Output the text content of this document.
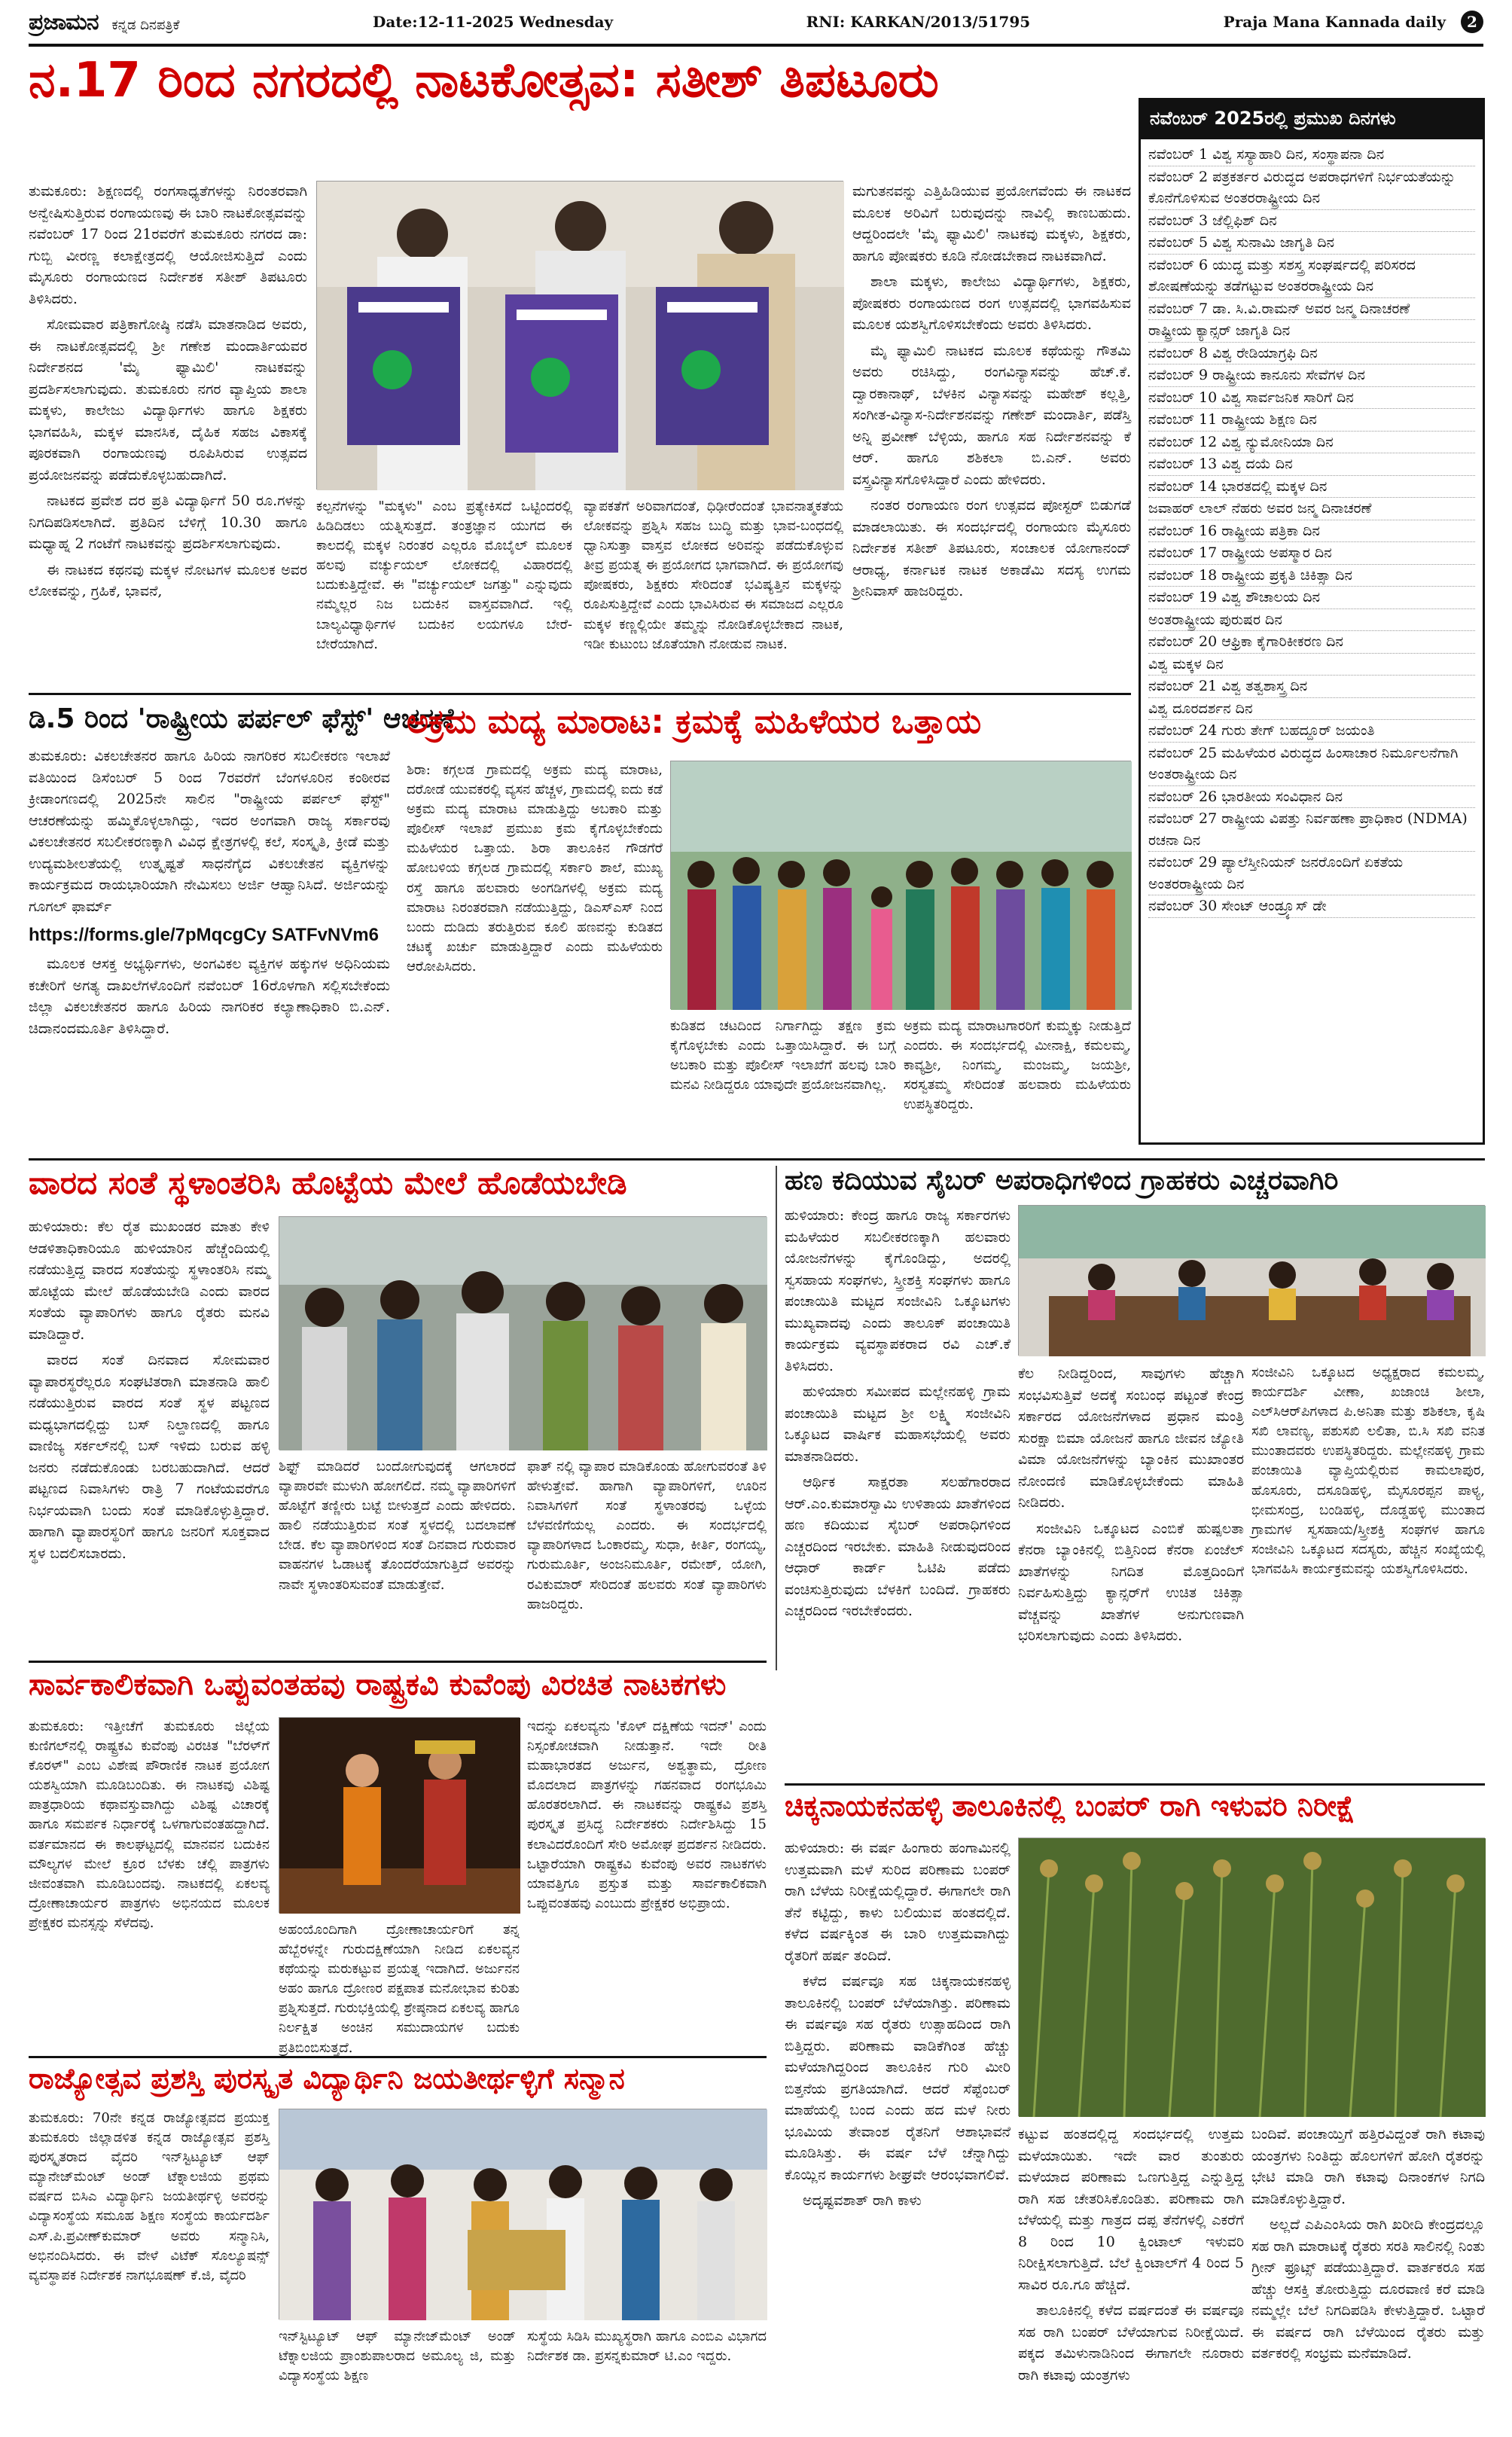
ಪ್ರಜಾಮನ ಕನ್ನಡ ದಿನಪತ್ರಿಕೆ	Date:12-11-2025 Wednesday	RNI: KARKAN/2013/51795	Praja Mana Kannada daily	2
ನ.17 ರಿಂದ ನಗರದಲ್ಲಿ ನಾಟಕೋತ್ಸವ: ಸತೀಶ್ ತಿಪಟೂರು

ತುಮಕೂರು: ಶಿಕ್ಷಣದಲ್ಲಿ ರಂಗಸಾಧ್ಯತೆಗಳನ್ನು ನಿರಂತರವಾಗಿ ಅನ್ವೇಷಿಸುತ್ತಿರುವ ರಂಗಾಯಣವು ಈ ಬಾರಿ ನಾಟಕೋತ್ಸವವನ್ನು ನವೆಂಬರ್ 17 ರಿಂದ 21ರವರೆಗೆ ತುಮಕೂರು ನಗರದ ಡಾ: ಗುಬ್ಬಿ ವೀರಣ್ಣ ಕಲಾಕ್ಷೇತ್ರದಲ್ಲಿ ಆಯೋಜಿಸುತ್ತಿದೆ ಎಂದು ಮೈಸೂರು ರಂಗಾಯಣದ ನಿರ್ದೇಶಕ ಸತೀಶ್ ತಿಪಟೂರು ತಿಳಿಸಿದರು.

ಸೋಮವಾರ ಪತ್ರಿಕಾಗೋಷ್ಠಿ ನಡೆಸಿ ಮಾತನಾಡಿದ ಅವರು, ಈ ನಾಟಕೋತ್ಸವದಲ್ಲಿ ಶ್ರೀ ಗಣೇಶ ಮಂದಾರ್ತಿಯವರ ನಿರ್ದೇಶನದ 'ಮೈ ಫ್ಯಾಮಿಲಿ' ನಾಟಕವನ್ನು ಪ್ರದರ್ಶಿಸಲಾಗುವುದು. ತುಮಕೂರು ನಗರ ವ್ಯಾಪ್ತಿಯ ಶಾಲಾ ಮಕ್ಕಳು, ಕಾಲೇಜು ವಿದ್ಯಾರ್ಥಿಗಳು ಹಾಗೂ ಶಿಕ್ಷಕರು ಭಾಗವಹಿಸಿ, ಮಕ್ಕಳ ಮಾನಸಿಕ, ದೈಹಿಕ ಸಹಜ ವಿಕಾಸಕ್ಕೆ ಪೂರಕವಾಗಿ ರಂಗಾಯಣವು ರೂಪಿಸಿರುವ ಉತ್ಸವದ ಪ್ರಯೋಜನವನ್ನು ಪಡೆದುಕೊಳ್ಳಬಹುದಾಗಿದೆ.

ನಾಟಕದ ಪ್ರವೇಶ ದರ ಪ್ರತಿ ವಿದ್ಯಾರ್ಥಿಗೆ 50 ರೂ.ಗಳನ್ನು ನಿಗದಿಪಡಿಸಲಾಗಿದೆ. ಪ್ರತಿದಿನ ಬೆಳಿಗ್ಗೆ 10.30 ಹಾಗೂ ಮಧ್ಯಾಹ್ನ 2 ಗಂಟೆಗೆ ನಾಟಕವನ್ನು ಪ್ರದರ್ಶಿಸಲಾಗುವುದು.

ಈ ನಾಟಕದ ಕಥನವು ಮಕ್ಕಳ ನೋಟಗಳ ಮೂಲಕ ಅವರ ಲೋಕವನ್ನು, ಗ್ರಹಿಕೆ, ಭಾವನೆ,

ಕಲ್ಪನೆಗಳನ್ನು "ಮಕ್ಕಳು" ಎಂಬ ಪ್ರತ್ಯೇಕಿಸದೆ ಒಟ್ಟಿಂದರಲ್ಲಿ ಹಿಡಿದಿಡಲು ಯತ್ನಿಸುತ್ತದೆ. ತಂತ್ರಜ್ಞಾನ ಯುಗದ ಈ ಕಾಲದಲ್ಲಿ ಮಕ್ಕಳ ನಿರಂತರ ಎಲ್ಲರೂ ಮೊಬೈಲ್ ಮೂಲಕ ಹಲವು ವರ್ಚ್ಯುಯಲ್ ಲೋಕದಲ್ಲಿ ವಿಹಾರದಲ್ಲಿ ಬದುಕುತ್ತಿದ್ದೇವೆ. ಈ "ವರ್ಚ್ಯುಯಲ್ ಜಗತ್ತು" ಎನ್ನುವುದು ನಮ್ಮೆಲ್ಲರ ನಿಜ ಬದುಕಿನ ವಾಸ್ತವವಾಗಿದೆ. ಇಲ್ಲಿ ಬಾಲ್ಯವಿಧ್ಯಾರ್ಥಿಗಳ ಬದುಕಿನ ಲಯಗಳೂ ಬೇರೆ-ಬೇರೆಯಾಗಿದೆ.
ವ್ಯಾಪಕತೆಗೆ ಅರಿವಾಗದಂತೆ, ಧಿಢೀರೆಂದಂತೆ ಭಾವನಾತ್ಮಕತೆಯ ಲೋಕವನ್ನು ಪ್ರಶ್ನಿಸಿ ಸಹಜ ಬುದ್ಧಿ ಮತ್ತು ಭಾವ-ಬಂಧದಲ್ಲಿ ಧ್ವಾನಿಸುತ್ತಾ ವಾಸ್ತವ ಲೋಕದ ಅರಿವನ್ನು ಪಡೆದುಕೊಳ್ಳುವ ತೀವ್ರ ಪ್ರಯತ್ನ ಈ ಪ್ರಯೋಗದ ಭಾಗವಾಗಿದೆ. ಈ ಪ್ರಯೋಗವು ಪೋಷಕರು, ಶಿಕ್ಷಕರು ಸೇರಿದಂತೆ ಭವಿಷ್ಯತ್ತಿನ ಮಕ್ಕಳನ್ನು ರೂಪಿಸುತ್ತಿದ್ದೇವೆ ಎಂದು ಭಾವಿಸಿರುವ ಈ ಸಮಾಜದ ಎಲ್ಲರೂ ಮಕ್ಕಳ ಕಣ್ಣಲ್ಲಿಯೇ ತಮ್ಮನ್ನು ನೋಡಿಕೊಳ್ಳಬೇಕಾದ ನಾಟಕ, ಇಡೀ ಕುಟುಂಬ ಜೊತೆಯಾಗಿ ನೋಡುವ ನಾಟಕ.

ಮಗುತನವನ್ನು ಎತ್ತಿಹಿಡಿಯುವ ಪ್ರಯೋಗವೆಂದು ಈ ನಾಟಕದ ಮೂಲಕ ಅರಿವಿಗೆ ಬರುವುದನ್ನು ನಾವಿಲ್ಲಿ ಕಾಣಬಹುದು. ಆದ್ದರಿಂದಲೇ 'ಮೈ ಫ್ಯಾಮಿಲಿ' ನಾಟಕವು ಮಕ್ಕಳು, ಶಿಕ್ಷಕರು, ಹಾಗೂ ಪೋಷಕರು ಕೂಡಿ ನೋಡಬೇಕಾದ ನಾಟಕವಾಗಿದೆ.

ಶಾಲಾ ಮಕ್ಕಳು, ಕಾಲೇಜು ವಿದ್ಯಾರ್ಥಿಗಳು, ಶಿಕ್ಷಕರು, ಪೋಷಕರು ರಂಗಾಯಣದ ರಂಗ ಉತ್ಸವದಲ್ಲಿ ಭಾಗವಹಿಸುವ ಮೂಲಕ ಯಶಸ್ವಿಗೊಳಿಸಬೇಕೆಂದು ಅವರು ತಿಳಿಸಿದರು.

ಮೈ ಫ್ಯಾಮಿಲಿ ನಾಟಕದ ಮೂಲಕ ಕಥೆಯನ್ನು ಗೌತಮಿ ಅವರು ರಚಿಸಿದ್ದು, ರಂಗವಿನ್ಯಾಸವನ್ನು ಹೆಚ್.ಕೆ. ದ್ವಾರಕಾನಾಥ್, ಬೆಳಕಿನ ವಿನ್ಯಾಸವನ್ನು ಮಹೇಶ್ ಕಲ್ಲತ್ತಿ, ಸಂಗೀತ-ವಿನ್ಯಾಸ-ನಿರ್ದೇಶನವನ್ನು ಗಣೇಶ್ ಮಂದಾರ್ತಿ, ಪಡೆಸ್ತಿ ಅನ್ನಿ ಪ್ರವೀಣ್ ಬೆಳ್ಳಿಯ, ಹಾಗೂ ಸಹ ನಿರ್ದೇಶನವನ್ನು ಕೆ ಆರ್. ಹಾಗೂ ಶಶಿಕಲಾ ಬಿ.ಎನ್. ಅವರು ವಸ್ತ್ರವಿನ್ಯಾಸಗೊಳಿಸಿದ್ದಾರೆ ಎಂದು ಹೇಳಿದರು.

ನಂತರ ರಂಗಾಯಣ ರಂಗ ಉತ್ಸವದ ಪೋಸ್ಟರ್ ಬಿಡುಗಡೆ ಮಾಡಲಾಯಿತು. ಈ ಸಂದರ್ಭದಲ್ಲಿ ರಂಗಾಯಣ ಮೈಸೂರು ನಿರ್ದೇಶಕ ಸತೀಶ್ ತಿಪಟೂರು, ಸಂಚಾಲಕ ಯೋಗಾನಂದ್ ಆರಾಧ್ಯ, ಕರ್ನಾಟಕ ನಾಟಕ ಅಕಾಡೆಮಿ ಸದಸ್ಯ ಉಗಮ ಶ್ರೀನಿವಾಸ್ ಹಾಜರಿದ್ದರು.

ನವೆಂಬರ್ 2025ರಲ್ಲಿ ಪ್ರಮುಖ ದಿನಗಳು
ನವೆಂಬರ್ 1 ವಿಶ್ವ ಸಸ್ಯಾಹಾರಿ ದಿನ, ಸಂಸ್ಥಾಪನಾ ದಿನ
ನವೆಂಬರ್ 2 ಪತ್ರಕರ್ತರ ವಿರುದ್ಧದ ಅಪರಾಧಗಳಿಗೆ ನಿರ್ಭಯತೆಯನ್ನು ಕೊನೆಗೊಳಿಸುವ ಅಂತರರಾಷ್ಟ್ರೀಯ ದಿನ
ನವೆಂಬರ್ 3 ಜೆಲ್ಲಿಫಿಶ್ ದಿನ
ನವೆಂಬರ್ 5 ವಿಶ್ವ ಸುನಾಮಿ ಜಾಗೃತಿ ದಿನ
ನವೆಂಬರ್ 6 ಯುದ್ಧ ಮತ್ತು ಸಶಸ್ತ್ರ ಸಂಘರ್ಷದಲ್ಲಿ ಪರಿಸರದ ಶೋಷಣೆಯನ್ನು ತಡೆಗಟ್ಟುವ ಅಂತರರಾಷ್ಟ್ರೀಯ ದಿನ
ನವೆಂಬರ್ 7 ಡಾ. ಸಿ.ವಿ.ರಾಮನ್ ಅವರ ಜನ್ಮ ದಿನಾಚರಣೆ
ರಾಷ್ಟ್ರೀಯ ಕ್ಯಾನ್ಸರ್ ಜಾಗೃತಿ ದಿನ
ನವೆಂಬರ್ 8 ವಿಶ್ವ ರೇಡಿಯಾಗ್ರಫಿ ದಿನ
ನವೆಂಬರ್ 9 ರಾಷ್ಟ್ರೀಯ ಕಾನೂನು ಸೇವೆಗಳ ದಿನ
ನವೆಂಬರ್ 10 ವಿಶ್ವ ಸಾರ್ವಜನಿಕ ಸಾರಿಗೆ ದಿನ
ನವೆಂಬರ್ 11 ರಾಷ್ಟ್ರೀಯ ಶಿಕ್ಷಣ ದಿನ
ನವೆಂಬರ್ 12 ವಿಶ್ವ ನ್ಯುಮೋನಿಯಾ ದಿನ
ನವೆಂಬರ್ 13 ವಿಶ್ವ ದಯೆ ದಿನ
ನವೆಂಬರ್ 14 ಭಾರತದಲ್ಲಿ ಮಕ್ಕಳ ದಿನ
ಜವಾಹರ್ ಲಾಲ್ ನೆಹರು ಅವರ ಜನ್ಮ ದಿನಾಚರಣೆ
ನವೆಂಬರ್ 16 ರಾಷ್ಟ್ರೀಯ ಪತ್ರಿಕಾ ದಿನ
ನವೆಂಬರ್ 17 ರಾಷ್ಟ್ರೀಯ ಅಪಸ್ಮಾರ ದಿನ
ನವೆಂಬರ್ 18 ರಾಷ್ಟ್ರೀಯ ಪ್ರಕೃತಿ ಚಿಕಿತ್ಸಾ ದಿನ
ನವೆಂಬರ್ 19 ವಿಶ್ವ ಶೌಚಾಲಯ ದಿನ
ಅಂತರಾಷ್ಟ್ರೀಯ ಪುರುಷರ ದಿನ
ನವೆಂಬರ್ 20 ಆಫ್ರಿಕಾ ಕೈಗಾರಿಕೀಕರಣ ದಿನ
ವಿಶ್ವ ಮಕ್ಕಳ ದಿನ
ನವೆಂಬರ್ 21 ವಿಶ್ವ ತತ್ವಶಾಸ್ತ್ರ ದಿನ
ವಿಶ್ವ ದೂರದರ್ಶನ ದಿನ
ನವೆಂಬರ್ 24 ಗುರು ತೇಗ್ ಬಹದ್ದೂರ್ ಜಯಂತಿ
ನವೆಂಬರ್ 25 ಮಹಿಳೆಯರ ವಿರುದ್ಧದ ಹಿಂಸಾಚಾರ ನಿರ್ಮೂಲನೆಗಾಗಿ ಅಂತರಾಷ್ಟ್ರೀಯ ದಿನ
ನವೆಂಬರ್ 26 ಭಾರತೀಯ ಸಂವಿಧಾನ ದಿನ
ನವೆಂಬರ್ 27 ರಾಷ್ಟ್ರೀಯ ವಿಪತ್ತು ನಿರ್ವಹಣಾ ಪ್ರಾಧಿಕಾರ (NDMA) ರಚನಾ ದಿನ
ನವೆಂಬರ್ 29 ಪ್ಯಾಲೆಸ್ತೀನಿಯನ್ ಜನರೊಂದಿಗೆ ಏಕತೆಯ ಅಂತರರಾಷ್ಟ್ರೀಯ ದಿನ
ನವೆಂಬರ್ 30 ಸೇಂಟ್ ಆಂಡ್ರ್ಯೂಸ್ ಡೇ
ಡಿ.5 ರಿಂದ 'ರಾಷ್ಟ್ರೀಯ ಪರ್ಪಲ್ ಫೆಸ್ಟ್' ಆಚರಣೆ

ತುಮಕೂರು: ವಿಕಲಚೇತನರ ಹಾಗೂ ಹಿರಿಯ ನಾಗರಿಕರ ಸಬಲೀಕರಣ ಇಲಾಖೆ ವತಿಯಿಂದ ಡಿಸೆಂಬರ್ 5 ರಿಂದ 7ರವರೆಗೆ ಬೆಂಗಳೂರಿನ ಕಂಠೀರವ ಕ್ರೀಡಾಂಗಣದಲ್ಲಿ 2025ನೇ ಸಾಲಿನ "ರಾಷ್ಟ್ರೀಯ ಪರ್ಪಲ್ ಫೆಸ್ಟ್" ಆಚರಣೆಯನ್ನು ಹಮ್ಮಿಕೊಳ್ಳಲಾಗಿದ್ದು, ಇದರ ಅಂಗವಾಗಿ ರಾಜ್ಯ ಸರ್ಕಾರವು ವಿಕಲಚೇತನರ ಸಬಲೀಕರಣಕ್ಕಾಗಿ ವಿವಿಧ ಕ್ಷೇತ್ರಗಳಲ್ಲಿ ಕಲೆ, ಸಂಸ್ಕೃತಿ, ಕ್ರೀಡೆ ಮತ್ತು ಉದ್ಯಮಶೀಲತೆಯಲ್ಲಿ ಉತ್ಕೃಷ್ಟತೆ ಸಾಧನೆಗೈದ ವಿಕಲಚೇತನ ವ್ಯಕ್ತಿಗಳನ್ನು ಕಾರ್ಯಕ್ರಮದ ರಾಯಭಾರಿಯಾಗಿ ನೇಮಿಸಲು ಅರ್ಜಿ ಆಹ್ವಾನಿಸಿದೆ. ಅರ್ಜಿಯನ್ನು ಗೂಗಲ್ ಫಾರ್ಮ್

https://forms.gle/7pMqcgCy SATFvNVm6

ಮೂಲಕ ಆಸಕ್ತ ಅಭ್ಯರ್ಥಿಗಳು, ಅಂಗವಿಕಲ ವ್ಯಕ್ತಿಗಳ ಹಕ್ಕುಗಳ ಅಧಿನಿಯಮ ಕಚೇರಿಗೆ ಅಗತ್ಯ ದಾಖಲೆಗಳೊಂದಿಗೆ ನವೆಂಬರ್ 16ರೊಳಗಾಗಿ ಸಲ್ಲಿಸಬೇಕೆಂದು ಜಿಲ್ಲಾ ವಿಕಲಚೇತನರ ಹಾಗೂ ಹಿರಿಯ ನಾಗರಿಕರ ಕಲ್ಯಾಣಾಧಿಕಾರಿ ಬಿ.ಎನ್. ಚಿದಾನಂದಮೂರ್ತಿ ತಿಳಿಸಿದ್ದಾರೆ.

ಅಕ್ರಮ ಮದ್ಯ ಮಾರಾಟ: ಕ್ರಮಕ್ಕೆ ಮಹಿಳೆಯರ ಒತ್ತಾಯ
ಶಿರಾ: ಕಗ್ಗಲಡ ಗ್ರಾಮದಲ್ಲಿ ಅಕ್ರಮ ಮದ್ಯ ಮಾರಾಟ, ದರೋಡೆ ಯುವಕರಲ್ಲಿ ವ್ಯಸನ ಹೆಚ್ಚಳ, ಗ್ರಾಮದಲ್ಲಿ ಐದು ಕಡೆ ಅಕ್ರಮ ಮದ್ಯ ಮಾರಾಟ ಮಾಡುತ್ತಿದ್ದು ಅಬಕಾರಿ ಮತ್ತು ಪೊಲೀಸ್ ಇಲಾಖೆ ಪ್ರಮುಖ ಕ್ರಮ ಕೈಗೊಳ್ಳಬೇಕೆಂದು ಮಹಿಳೆಯರ ಒತ್ತಾಯ. ಶಿರಾ ತಾಲೂಕಿನ ಗೌಡಗೆರೆ ಹೋಬಳಿಯ ಕಗ್ಗಲಡ ಗ್ರಾಮದಲ್ಲಿ ಸರ್ಕಾರಿ ಶಾಲೆ, ಮುಖ್ಯ ರಸ್ತೆ ಹಾಗೂ ಹಲವಾರು ಅಂಗಡಿಗಳಲ್ಲಿ ಅಕ್ರಮ ಮದ್ಯ ಮಾರಾಟ ನಿರಂತರವಾಗಿ ನಡೆಯುತ್ತಿದ್ದು, ಡಿಎಸ್‌ಎಸ್ ನಿಂದ ಬಂದು ದುಡಿದು ತರುತ್ತಿರುವ ಕೂಲಿ ಹಣವನ್ನು ಕುಡಿತದ ಚಟಕ್ಕೆ ಖರ್ಚು ಮಾಡುತ್ತಿದ್ದಾರೆ ಎಂದು ಮಹಿಳೆಯರು ಆರೋಪಿಸಿದರು.
ಕುಡಿತದ ಚಟದಿಂದ ನಿರ್ಗಾಗಿದ್ದು ತಕ್ಷಣ ಕ್ರಮ ಕೈಗೊಳ್ಳಬೇಕು ಎಂದು ಒತ್ತಾಯಿಸಿದ್ದಾರೆ. ಈ ಬಗ್ಗೆ ಅಬಕಾರಿ ಮತ್ತು ಪೊಲೀಸ್ ಇಲಾಖೆಗೆ ಹಲವು ಬಾರಿ ಮನವಿ ನೀಡಿದ್ದರೂ ಯಾವುದೇ ಪ್ರಯೋಜನವಾಗಿಲ್ಲ.
ಅಕ್ರಮ ಮದ್ಯ ಮಾರಾಟಗಾರರಿಗೆ ಕುಮ್ಮಕ್ಕು ನೀಡುತ್ತಿದೆ ಎಂದರು. ಈ ಸಂದರ್ಭದಲ್ಲಿ ಮೀನಾಕ್ಷಿ, ಕಮಲಮ್ಮ, ಕಾವ್ಯಶ್ರೀ, ನಿಂಗಮ್ಮ, ಮಂಜಮ್ಮ, ಜಯಶ್ರೀ, ಸರಸ್ವತಮ್ಮ ಸೇರಿದಂತೆ ಹಲವಾರು ಮಹಿಳೆಯರು ಉಪಸ್ಥಿತರಿದ್ದರು.
ವಾರದ ಸಂತೆ ಸ್ಥಳಾಂತರಿಸಿ ಹೊಟ್ಟೆಯ ಮೇಲೆ ಹೊಡೆಯಬೇಡಿ

ಹುಳಿಯಾರು: ಕೆಲ ರೈತ ಮುಖಂಡರ ಮಾತು ಕೇಳಿ ಆಡಳಿತಾಧಿಕಾರಿಯೂ ಹುಳಿಯಾರಿನ ಹೆಚ್ಚೆಂದಿಯಲ್ಲಿ ನಡೆಯುತ್ತಿದ್ದ ವಾರದ ಸಂತೆಯನ್ನು ಸ್ಥಳಾಂತರಿಸಿ ನಮ್ಮ ಹೊಟ್ಟೆಯ ಮೇಲೆ ಹೊಡೆಯಬೇಡಿ ಎಂದು ವಾರದ ಸಂತೆಯ ವ್ಯಾಪಾರಿಗಳು ಹಾಗೂ ರೈತರು ಮನವಿ ಮಾಡಿದ್ದಾರೆ.

ವಾರದ ಸಂತೆ ದಿನವಾದ ಸೋಮವಾರ ವ್ಯಾಪಾರಸ್ಥರೆಲ್ಲರೂ ಸಂಘಟಿತರಾಗಿ ಮಾತನಾಡಿ ಹಾಲಿ ನಡೆಯುತ್ತಿರುವ ವಾರದ ಸಂತೆ ಸ್ಥಳ ಪಟ್ಟಣದ ಮಧ್ಯಭಾಗದಲ್ಲಿದ್ದು ಬಸ್ ನಿಲ್ದಾಣದಲ್ಲಿ ಹಾಗೂ ವಾಣಿಜ್ಯ ಸರ್ಕಲ್‌ನಲ್ಲಿ ಬಸ್ ಇಳಿದು ಬರುವ ಹಳ್ಳಿ ಜನರು ನಡೆದುಕೊಂಡು ಬರಬಹುದಾಗಿದೆ. ಆದರೆ ಪಟ್ಟಣದ ನಿವಾಸಿಗಳು ರಾತ್ರಿ 7 ಗಂಟೆಯವರೆಗೂ ನಿರ್ಭಯವಾಗಿ ಬಂದು ಸಂತೆ ಮಾಡಿಕೊಳ್ಳುತ್ತಿದ್ದಾರೆ. ಹಾಗಾಗಿ ವ್ಯಾಪಾರಸ್ಥರಿಗೆ ಹಾಗೂ ಜನರಿಗೆ ಸೂಕ್ತವಾದ ಸ್ಥಳ ಬದಲಿಸಬಾರದು.

ಶಿಫ್ಟ್ ಮಾಡಿದರೆ ಬಂದೋಗುವುದಕ್ಕೆ ಆಗಲಾರದೆ ವ್ಯಾಪಾರವೇ ಮುಳುಗಿ ಹೋಗಲಿದೆ. ನಮ್ಮ ವ್ಯಾಪಾರಿಗಳಿಗೆ ಹೊಟ್ಟೆಗೆ ತಣ್ಣೀರು ಬಟ್ಟೆ ಬೀಳುತ್ತದೆ ಎಂದು ಹೇಳಿದರು. ಹಾಲಿ ನಡೆಯುತ್ತಿರುವ ಸಂತೆ ಸ್ಥಳದಲ್ಲಿ ಬದಲಾವಣೆ ಬೇಡ. ಕೆಲ ವ್ಯಾಪಾರಿಗಳಿಂದ ಸಂತೆ ದಿನವಾದ ಗುರುವಾರ ವಾಹನಗಳ ಓಡಾಟಕ್ಕೆ ತೊಂದರೆಯಾಗುತ್ತಿದೆ ಅವರನ್ನು ನಾವೇ ಸ್ಥಳಾಂತರಿಸುವಂತೆ ಮಾಡುತ್ತೇವೆ.
ಫಾತ್ ನಲ್ಲಿ ವ್ಯಾಪಾರ ಮಾಡಿಕೊಂಡು ಹೋಗುವರಂತೆ ತಿಳಿ ಹೇಳುತ್ತೇವೆ. ಹಾಗಾಗಿ ವ್ಯಾಪಾರಿಗಳಿಗೆ, ಊರಿನ ನಿವಾಸಿಗಳಿಗೆ ಸಂತೆ ಸ್ಥಳಾಂತರವು ಒಳ್ಳೆಯ ಬೆಳವಣಿಗೆಯಲ್ಲ ಎಂದರು. ಈ ಸಂದರ್ಭದಲ್ಲಿ ವ್ಯಾಪಾರಿಗಳಾದ ಓಂಕಾರಮ್ಮ, ಸುಧಾ, ಕೀರ್ತಿ, ರಂಗಯ್ಯ, ಗುರುಮೂರ್ತಿ, ಅಂಜನಿಮೂರ್ತಿ, ರಮೇಶ್, ಯೋಗಿ, ರವಿಕುಮಾರ್ ಸೇರಿದಂತೆ ಹಲವರು ಸಂತೆ ವ್ಯಾಪಾರಿಗಳು ಹಾಜರಿದ್ದರು.
ಹಣ ಕದಿಯುವ ಸೈಬರ್ ಅಪರಾಧಿಗಳಿಂದ ಗ್ರಾಹಕರು ಎಚ್ಚರವಾಗಿರಿ

ಹುಳಿಯಾರು: ಕೇಂದ್ರ ಹಾಗೂ ರಾಜ್ಯ ಸರ್ಕಾರಗಳು ಮಹಿಳೆಯರ ಸಬಲೀಕರಣಕ್ಕಾಗಿ ಹಲವಾರು ಯೋಜನೆಗಳನ್ನು ಕೈಗೊಂಡಿದ್ದು, ಅದರಲ್ಲಿ ಸ್ವಸಹಾಯ ಸಂಘಗಳು, ಸ್ತ್ರೀಶಕ್ತಿ ಸಂಘಗಳು ಹಾಗೂ ಪಂಚಾಯಿತಿ ಮಟ್ಟದ ಸಂಜೀವಿನಿ ಒಕ್ಕೂಟಗಳು ಮುಖ್ಯವಾದವು ಎಂದು ತಾಲೂಕ್ ಪಂಚಾಯಿತಿ ಕಾರ್ಯಕ್ರಮ ವ್ಯವಸ್ಥಾಪಕರಾದ ರವಿ ಎಚ್.ಕೆ ತಿಳಿಸಿದರು.

ಹುಳಿಯಾರು ಸಮೀಪದ ಮಲ್ಲೇನಹಳ್ಳಿ ಗ್ರಾಮ ಪಂಚಾಯಿತಿ ಮಟ್ಟದ ಶ್ರೀ ಲಕ್ಷ್ಮಿ ಸಂಜೀವಿನಿ ಒಕ್ಕೂಟದ ವಾರ್ಷಿಕ ಮಹಾಸಭೆಯಲ್ಲಿ ಅವರು ಮಾತನಾಡಿದರು.

ಆರ್ಥಿಕ ಸಾಕ್ಷರತಾ ಸಲಹೆಗಾರರಾದ ಆರ್.ಎಂ.ಕುಮಾರಸ್ವಾಮಿ ಉಳಿತಾಯ ಖಾತೆಗಳಿಂದ ಹಣ ಕದಿಯುವ ಸೈಬರ್ ಅಪರಾಧಿಗಳಿಂದ ಎಚ್ಚರದಿಂದ ಇರಬೇಕು. ಮಾಹಿತಿ ನೀಡುವುದರಿಂದ ಆಧಾರ್ ಕಾರ್ಡ್ ಓಟಿಪಿ ಪಡೆದು ವಂಚಿಸುತ್ತಿರುವುದು ಬೆಳಕಿಗೆ ಬಂದಿದೆ. ಗ್ರಾಹಕರು ಎಚ್ಚರದಿಂದ ಇರಬೇಕೆಂದರು.

ಕೆಲ ನೀಡಿದ್ದರಿಂದ, ಸಾವುಗಳು ಹೆಚ್ಚಾಗಿ ಸಂಭವಿಸುತ್ತಿವೆ ಅದಕ್ಕೆ ಸಂಬಂಧ ಪಟ್ಟಂತೆ ಕೇಂದ್ರ ಸರ್ಕಾರದ ಯೋಜನೆಗಳಾದ ಪ್ರಧಾನ ಮಂತ್ರಿ ಸುರಕ್ಷಾ ಬಿಮಾ ಯೋಜನೆ ಹಾಗೂ ಜೀವನ ಜ್ಯೋತಿ ವಿಮಾ ಯೋಜನೆಗಳನ್ನು ಬ್ಯಾಂಕಿನ ಮುಖಾಂತರ ನೋಂದಣಿ ಮಾಡಿಕೊಳ್ಳಬೇಕೆಂದು ಮಾಹಿತಿ ನೀಡಿದರು.

ಸಂಜೀವಿನಿ ಒಕ್ಕೂಟದ ಎಂಬಿಕೆ ಹುಷ್ಪಲತಾ ಕೆನರಾ ಬ್ಯಾಂಕಿನಲ್ಲಿ ಬಿತ್ತಿನಿಂದ ಕೆನರಾ ಏಂಜೆಲ್ ಖಾತೆಗಳನ್ನು ನಿಗದಿತ ಮೊತ್ತದಿಂದಿಗೆ ನಿರ್ವಹಿಸುತ್ತಿದ್ದು ಕ್ಯಾನ್ಸರ್‌ಗೆ ಉಚಿತ ಚಿಕಿತ್ಸಾ ವೆಚ್ಚವನ್ನು ಖಾತೆಗಳ ಅನುಗುಣವಾಗಿ ಭರಿಸಲಾಗುವುದು ಎಂದು ತಿಳಿಸಿದರು.

ಸಂಜೀವಿನಿ ಒಕ್ಕೂಟದ ಅಧ್ಯಕ್ಷರಾದ ಕಮಲಮ್ಮ, ಕಾರ್ಯದರ್ಶಿ ವೀಣಾ, ಖಜಾಂಚಿ ಶೀಲಾ, ಎಲ್‌ಸಿಆರ್‌ಪಿಗಳಾದ ಪಿ.ಅನಿತಾ ಮತ್ತು ಶಶಿಕಲಾ, ಕೃಷಿ ಸಖಿ ಲಾವಣ್ಯ, ಪಶುಸಖಿ ಲಲಿತಾ, ಬಿ.ಸಿ ಸಖಿ ವನಿತ ಮುಂತಾದವರು ಉಪಸ್ಥಿತರಿದ್ದರು. ಮಲ್ಲೇನಹಳ್ಳಿ ಗ್ರಾಮ ಪಂಚಾಯಿತಿ ವ್ಯಾಪ್ತಿಯಲ್ಲಿರುವ ಕಾಮಲಾಪುರ, ಹೊಸೂರು, ದಸೂಡಿಹಳ್ಳಿ, ಮೈಸೂರಪ್ಪನ ಪಾಳ್ಯ, ಭೀಮಸಂದ್ರ, ಬಂಡಿಹಳ್ಳಿ, ದೊಡ್ಡಹಳ್ಳಿ ಮುಂತಾದ ಗ್ರಾಮಗಳ ಸ್ವಸಹಾಯ/ಸ್ತ್ರೀಶಕ್ತಿ ಸಂಘಗಳ ಹಾಗೂ ಸಂಜೀವಿನಿ ಒಕ್ಕೂಟದ ಸದಸ್ಯರು, ಹೆಚ್ಚಿನ ಸಂಖ್ಯೆಯಲ್ಲಿ ಭಾಗವಹಿಸಿ ಕಾರ್ಯಕ್ರಮವನ್ನು ಯಶಸ್ವಿಗೊಳಿಸಿದರು.
ಸಾರ್ವಕಾಲಿಕವಾಗಿ ಒಪ್ಪುವಂತಹವು ರಾಷ್ಟ್ರಕವಿ ಕುವೆಂಪು ವಿರಚಿತ ನಾಟಕಗಳು
ತುಮಕೂರು: ಇತ್ತೀಚೆಗೆ ತುಮಕೂರು ಜಿಲ್ಲೆಯ ಕುಣಿಗಲ್‌ನಲ್ಲಿ ರಾಷ್ಟ್ರಕವಿ ಕುವೆಂಪು ವಿರಚಿತ "ಬೆರಳ್‌ಗೆ ಕೊರಳ್" ಎಂಬ ವಿಶೇಷ ಪೌರಾಣಿಕ ನಾಟಕ ಪ್ರಯೋಗ ಯಶಸ್ವಿಯಾಗಿ ಮೂಡಿಬಂದಿತು. ಈ ನಾಟಕವು ವಿಶಿಷ್ಟ ಪಾತ್ರಧಾರಿಯ ಕಥಾವಸ್ತುವಾಗಿದ್ದು ವಿಶಿಷ್ಟ ವಿಚಾರಕ್ಕೆ ಹಾಗೂ ಸಮರ್ಪಕ ನಿರ್ಧಾರಕ್ಕೆ ಒಳಗಾಗುವಂತಹದ್ದಾಗಿದೆ. ವರ್ತಮಾನದ ಈ ಕಾಲಘಟ್ಟದಲ್ಲಿ ಮಾನವನ ಬದುಕಿನ ಮೌಲ್ಯಗಳ ಮೇಲೆ ಕ್ರೂರ ಬೆಳಕು ಚೆಲ್ಲಿ ಪಾತ್ರಗಳು ಜೀವಂತವಾಗಿ ಮೂಡಿಬಂದವು. ನಾಟಕದಲ್ಲಿ ಏಕಲವ್ಯ ದ್ರೋಣಾಚಾರ್ಯರ ಪಾತ್ರಗಳು ಅಭಿನಯದ ಮೂಲಕ ಪ್ರೇಕ್ಷಕರ ಮನಸ್ಸನ್ನು ಸೆಳೆದವು.	ಅಹಂಯೊಂದಿಗಾಗಿ ದ್ರೋಣಾಚಾರ್ಯರಿಗೆ ತನ್ನ ಹೆಬ್ಬೆರಳನ್ನೇ ಗುರುದಕ್ಷಿಣೆಯಾಗಿ ನೀಡಿದ ಏಕಲವ್ಯನ ಕಥೆಯನ್ನು ಮರುಕಟ್ಟುವ ಪ್ರಯತ್ನ ಇದಾಗಿದೆ. ಅರ್ಜುನನ ಅಹಂ ಹಾಗೂ ದ್ರೋಣರ ಪಕ್ಷಪಾತ ಮನೋಭಾವ ಕುರಿತು ಪ್ರಶ್ನಿಸುತ್ತದೆ. ಗುರುಭಕ್ತಿಯಲ್ಲಿ ಶ್ರೇಷ್ಠನಾದ ಏಕಲವ್ಯ ಹಾಗೂ ನಿರ್ಲಕ್ಷಿತ ಅಂಚಿನ ಸಮುದಾಯಗಳ ಬದುಕು ಪ್ರತಿಬಿಂಬಿಸುತ್ತದೆ.
ಇದನ್ನು ಏಕಲವ್ಯನು 'ಕೊಳ್ ದಕ್ಷಿಣೆಯ ಇದನ್' ಎಂದು ನಿಸ್ಸಂಕೋಚವಾಗಿ ನೀಡುತ್ತಾನೆ. ಇದೇ ರೀತಿ ಮಹಾಭಾರತದ ಅರ್ಜುನ, ಅಶ್ವತ್ಥಾಮ, ದ್ರೋಣ ಮೊದಲಾದ ಪಾತ್ರಗಳನ್ನು ಗಹನವಾದ ರಂಗಭೂಮಿ ಹೊರತರಲಾಗಿದೆ. ಈ ನಾಟಕವನ್ನು ರಾಷ್ಟ್ರಕವಿ ಪ್ರಶಸ್ತಿ ಪುರಸ್ಕೃತ ಪ್ರಸಿದ್ಧ ನಿರ್ದೇಶಕರು ನಿರ್ದೇಶಿಸಿದ್ದು 15 ಕಲಾವಿದರೊಂದಿಗೆ ಸೇರಿ ಅಮೋಘ ಪ್ರದರ್ಶನ ನೀಡಿದರು. ಒಟ್ಟಾರೆಯಾಗಿ ರಾಷ್ಟ್ರಕವಿ ಕುವೆಂಪು ಅವರ ನಾಟಕಗಳು ಯಾವತ್ತಿಗೂ ಪ್ರಸ್ತುತ ಮತ್ತು ಸಾರ್ವಕಾಲಿಕವಾಗಿ ಒಪ್ಪುವಂತಹವು ಎಂಬುದು ಪ್ರೇಕ್ಷಕರ ಅಭಿಪ್ರಾಯ.
ರಾಜ್ಯೋತ್ಸವ ಪ್ರಶಸ್ತಿ ಪುರಸ್ಕೃತ ವಿದ್ಯಾರ್ಥಿನಿ ಜಯತೀರ್ಥಳ್ಳಿಗೆ ಸನ್ಮಾನ
ತುಮಕೂರು: 70ನೇ ಕನ್ನಡ ರಾಜ್ಯೋತ್ಸವದ ಪ್ರಯುಕ್ತ ತುಮಕೂರು ಜಿಲ್ಲಾಡಳಿತ ಕನ್ನಡ ರಾಜ್ಯೋತ್ಸವ ಪ್ರಶಸ್ತಿ ಪುರಸ್ಕೃತರಾದ ವೈದರಿ ಇನ್‌ಸ್ಟಿಟ್ಯೂಟ್ ಆಫ್ ಮ್ಯಾನೇಜ್‌ಮೆಂಟ್ ಅಂಡ್ ಟೆಕ್ನಾಲಜಿಯ ಪ್ರಥಮ ವರ್ಷದ ಬಿಸಿಎ ವಿದ್ಯಾರ್ಥಿನಿ ಜಯತೀರ್ಥಳ್ಳಿ ಅವರನ್ನು ವಿದ್ಯಾಸಂಸ್ಥೆಯ ಸಮೂಹ ಶಿಕ್ಷಣ ಸಂಸ್ಥೆಯ ಕಾರ್ಯದರ್ಶಿ ಎಸ್.ಪಿ.ಪ್ರವೀಣ್‌ಕುಮಾರ್ ಅವರು ಸನ್ಮಾನಿಸಿ, ಅಭಿನಂದಿಸಿದರು. ಈ ವೇಳೆ ವಿಟೆಕ್ ಸೊಲ್ಯೂಷನ್ಸ್ ವ್ಯವಸ್ಥಾಪಕ ನಿರ್ದೇಶಕ ನಾಗಭೂಷಣ್ ಕೆ.ಜಿ, ವೈದರಿ
ಇನ್‌ಸ್ಟಿಟ್ಯೂಟ್ ಆಫ್ ಮ್ಯಾನೇಜ್‌ಮೆಂಟ್ ಅಂಡ್ ಟೆಕ್ನಾಲಜಿಯ ಪ್ರಾಂಶುಪಾಲರಾದ ಅಮೂಲ್ಯ ಜಿ, ಮತ್ತು ವಿದ್ಯಾಸಂಸ್ಥೆಯ ಶಿಕ್ಷಣ
ಸುಸ್ಥೆಯ ಸಿಡಿಸಿ ಮುಖ್ಯಸ್ಥರಾಗಿ ಹಾಗೂ ಎಂಬಿಎ ವಿಭಾಗದ ನಿರ್ದೇಶಕ ಡಾ. ಪ್ರಸನ್ನಕುಮಾರ್ ಟಿ.ಎಂ ಇದ್ದರು.
ಚಿಕ್ಕನಾಯಕನಹಳ್ಳಿ ತಾಲೂಕಿನಲ್ಲಿ ಬಂಪರ್ ರಾಗಿ ಇಳುವರಿ ನಿರೀಕ್ಷೆ

ಹುಳಿಯಾರು: ಈ ವರ್ಷ ಹಿಂಗಾರು ಹಂಗಾಮಿನಲ್ಲಿ ಉತ್ತಮವಾಗಿ ಮಳೆ ಸುರಿದ ಪರಿಣಾಮ ಬಂಪರ್ ರಾಗಿ ಬೆಳೆಯ ನಿರೀಕ್ಷೆಯಲ್ಲಿದ್ದಾರೆ. ಈಗಾಗಲೇ ರಾಗಿ ತೆನೆ ಕಟ್ಟಿದ್ದು, ಕಾಳು ಬಲಿಯುವ ಹಂತದಲ್ಲಿದೆ. ಕಳೆದ ವರ್ಷಕ್ಕಿಂತ ಈ ಬಾರಿ ಉತ್ತಮವಾಗಿದ್ದು ರೈತರಿಗೆ ಹರ್ಷ ತಂದಿದೆ.

ಕಳೆದ ವರ್ಷವೂ ಸಹ ಚಿಕ್ಕನಾಯಕನಹಳ್ಳಿ ತಾಲೂಕಿನಲ್ಲಿ ಬಂಪರ್ ಬೆಳೆಯಾಗಿತ್ತು. ಪರಿಣಾಮ ಈ ವರ್ಷವೂ ಸಹ ರೈತರು ಉತ್ಸಾಹದಿಂದ ರಾಗಿ ಬಿತ್ತಿದ್ದರು. ಪರಿಣಾಮ ವಾಡಿಕೆಗಿಂತ ಹೆಚ್ಚು ಮಳೆಯಾಗಿದ್ದರಿಂದ ತಾಲೂಕಿನ ಗುರಿ ಮೀರಿ ಬಿತ್ತನೆಯ ಪ್ರಗತಿಯಾಗಿದೆ. ಆದರೆ ಸೆಪ್ಟೆಂಬರ್ ಮಾಹೆಯಲ್ಲಿ ಬಂದ ಎಂದು ಹದ ಮಳೆ ನೀರು ಭೂಮಿಯ ತೇವಾಂಶ ರೈತನಿಗೆ ಆಶಾಭಾವನೆ ಮೂಡಿಸಿತ್ತು. ಈ ವರ್ಷ ಬೆಳೆ ಚೆನ್ನಾಗಿದ್ದು ಕೊಯ್ಲಿನ ಕಾರ್ಯಗಳು ಶೀಘ್ರವೇ ಆರಂಭವಾಗಲಿವೆ.

ಅದೃಷ್ಟವಶಾತ್ ರಾಗಿ ಕಾಳು

ಕಟ್ಟುವ ಹಂತದಲ್ಲಿದ್ದ ಸಂದರ್ಭದಲ್ಲಿ ಉತ್ತಮ ಮಳೆಯಾಯಿತು. ಇದೇ ವಾರ ತುಂತುರು ಮಳೆಯಾದ ಪರಿಣಾಮ ಒಣಗುತ್ತಿದ್ದ ಎನ್ನುತ್ತಿದ್ದ ರಾಗಿ ಸಹ ಚೇತರಿಸಿಕೊಂಡಿತು. ಪರಿಣಾಮ ರಾಗಿ ಬೆಳೆಯಲ್ಲಿ ಮತ್ತು ಗಾತ್ರದ ದಪ್ಪ ತೆನೆಗಳಲ್ಲಿ ಎಕರೆಗೆ 8 ರಿಂದ 10 ಕ್ವಿಂಟಾಲ್ ಇಳುವರಿ ನಿರೀಕ್ಷಿಸಲಾಗುತ್ತಿದೆ. ಬೆಲೆ ಕ್ವಿಂಟಾಲ್‌ಗೆ 4 ರಿಂದ 5 ಸಾವಿರ ರೂ.ಗೂ ಹೆಚ್ಚಿದೆ.

ತಾಲೂಕಿನಲ್ಲಿ ಕಳೆದ ವರ್ಷದಂತೆ ಈ ವರ್ಷವೂ ಸಹ ರಾಗಿ ಬಂಪರ್ ಬೆಳೆಯಾಗುವ ನಿರೀಕ್ಷೆಯಿದೆ. ಪಕ್ಕದ ತಮಿಳುನಾಡಿನಿಂದ ಈಗಾಗಲೇ ನೂರಾರು ರಾಗಿ ಕಟಾವು ಯಂತ್ರಗಳು

ಬಂದಿವೆ. ಪಂಚಾಯ್ತಿಗೆ ಹತ್ತಿರವಿದ್ದಂತೆ ರಾಗಿ ಕಟಾವು ಯಂತ್ರಗಳು ನಿಂತಿದ್ದು ಹೊಲಗಳಿಗೆ ಹೋಗಿ ರೈತರನ್ನು ಭೇಟಿ ಮಾಡಿ ರಾಗಿ ಕಟಾವು ದಿನಾಂಕಗಳ ನಿಗದಿ ಮಾಡಿಕೊಳ್ಳುತ್ತಿದ್ದಾರೆ.

ಅಲ್ಲದೆ ಎಪಿಎಂಸಿಯ ರಾಗಿ ಖರೀದಿ ಕೇಂದ್ರದಲ್ಲೂ ಸಹ ರಾಗಿ ಮಾರಾಟಕ್ಕೆ ರೈತರು ಸರತಿ ಸಾಲಿನಲ್ಲಿ ನಿಂತು ಗ್ರೀನ್ ಫ್ರೂಟ್ಸ್ ಪಡೆಯುತ್ತಿದ್ದಾರೆ. ವಾರ್ತಕರೂ ಸಹ ಹೆಚ್ಚು ಆಸಕ್ತಿ ತೋರುತ್ತಿದ್ದು ದೂರವಾಣಿ ಕರೆ ಮಾಡಿ ನಮ್ಮಲ್ಲೇ ಬೆಲೆ ನಿಗದಿಪಡಿಸಿ ಕೇಳುತ್ತಿದ್ದಾರೆ. ಒಟ್ಟಾರೆ ಈ ವರ್ಷದ ರಾಗಿ ಬೆಳೆಯಿಂದ ರೈತರು ಮತ್ತು ವರ್ತಕರಲ್ಲಿ ಸಂಭ್ರಮ ಮನೆಮಾಡಿದೆ.
